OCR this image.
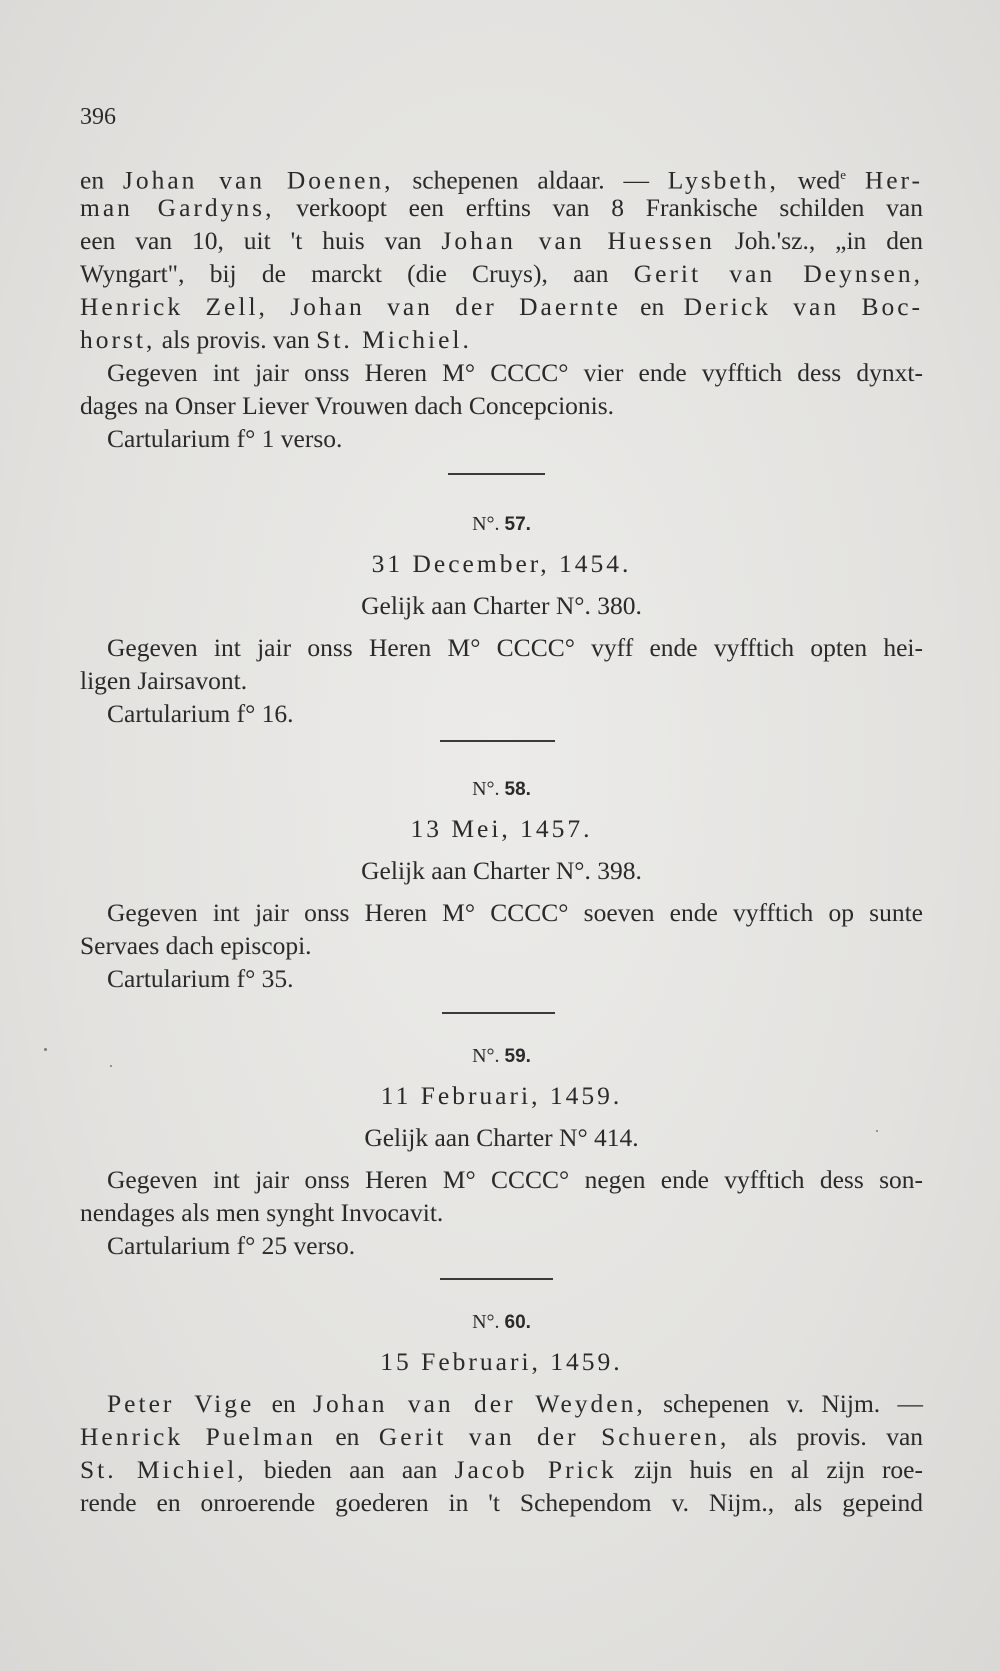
396
en Johan van Doenen, schepenen aldaar. — Lysbeth, wed$^e$ Her-
man Gardyns, verkoopt een erftins van 8 Frankische schilden van
een van 10, uit 't huis van Johan van Huessen Joh.'sz., „in den
Wyngart", bij de marckt (die Cruys), aan Gerit van Deynsen,
Henrick Zell, Johan van der Daernte en Derick van Boc-
horst, als provis. van St. Michiel.
Gegeven int jair onss Heren M° CCCC° vier ende vyfftich dess dynxt-
dages na Onser Liever Vrouwen dach Concepcionis.
Cartularium f° 1 verso.
N°. 57.
31 December, 1454.
Gelijk aan Charter N°. 380.
Gegeven int jair onss Heren M° CCCC° vyff ende vyfftich opten hei-
ligen Jairsavont.
Cartularium f° 16.
N°. 58.
13 Mei, 1457.
Gelijk aan Charter N°. 398.
Gegeven int jair onss Heren M° CCCC° soeven ende vyfftich op sunte
Servaes dach episcopi.
Cartularium f° 35.
N°. 59.
11 Februari, 1459.
Gelijk aan Charter N° 414.
Gegeven int jair onss Heren M° CCCC° negen ende vyfftich dess son-
nendages als men synght Invocavit.
Cartularium f° 25 verso.
N°. 60.
15 Februari, 1459.
Peter Vige en Johan van der Weyden, schepenen v. Nijm. —
Henrick Puelman en Gerit van der Schueren, als provis. van
St. Michiel, bieden aan aan Jacob Prick zijn huis en al zijn roe-
rende en onroerende goederen in 't Schependom v. Nijm., als gepeind
